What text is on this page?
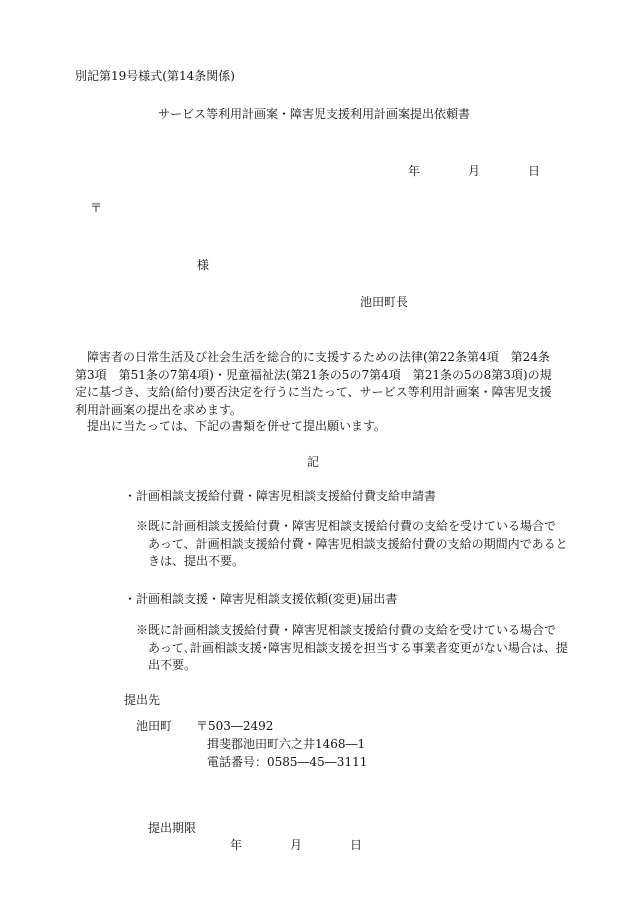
別記第19号様式(第14条関係)
サービス等利用計画案・障害児支援利用計画案提出依頼書
年	月	日
〒
様
池田町長
障害者の日常生活及び社会生活を総合的に支援するための法律(第22条第4項　第24条第3項　第51条の7第4項)・児童福祉法(第21条の5の7第4項　第21条の5の8第3項)の規定に基づき、支給(給付)要否決定を行うに当たって、サービス等利用計画案・障害児支援利用計画案の提出を求めます。
提出に当たっては、下記の書類を併せて提出願います。
記
・計画相談支援給付費・障害児相談支援給付費支給申請書
※既に計画相談支援給付費・障害児相談支援給付費の支給を受けている場合であって、計画相談支援給付費・障害児相談支援給付費の支給の期間内であるときは、提出不要。
・計画相談支援・障害児相談支援依頼(変更)届出書
※既に計画相談支援給付費・障害児相談支援給付費の支給を受けている場合であって､計画相談支援･障害児相談支援を担当する事業者変更がない場合は、提出不要。
提出先
池田町 〒503―2492
揖斐郡池田町六之井1468―1
電話番号：0585―45―3111
提出期限
年	月	日
